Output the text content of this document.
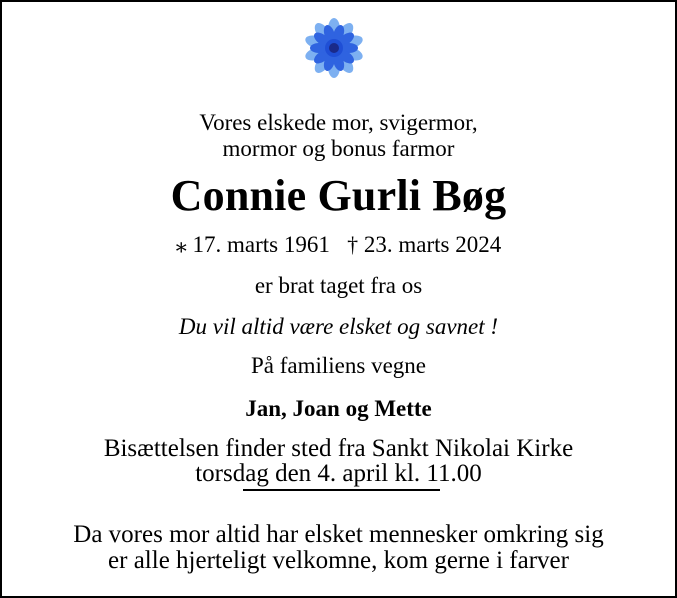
Vores elskede mor, svigermor,
mormor og bonus farmor
Connie Gurli Bøg
⁎ 17. marts 1961 † 23. marts 2024
er brat taget fra os
Du vil altid være elsket og savnet !
På familiens vegne
Jan, Joan og Mette
Bisættelsen finder sted fra Sankt Nikolai Kirke
torsdag den 4. april kl. 11.00
Da vores mor altid har elsket mennesker omkring sig
er alle hjerteligt velkomne, kom gerne i farver
